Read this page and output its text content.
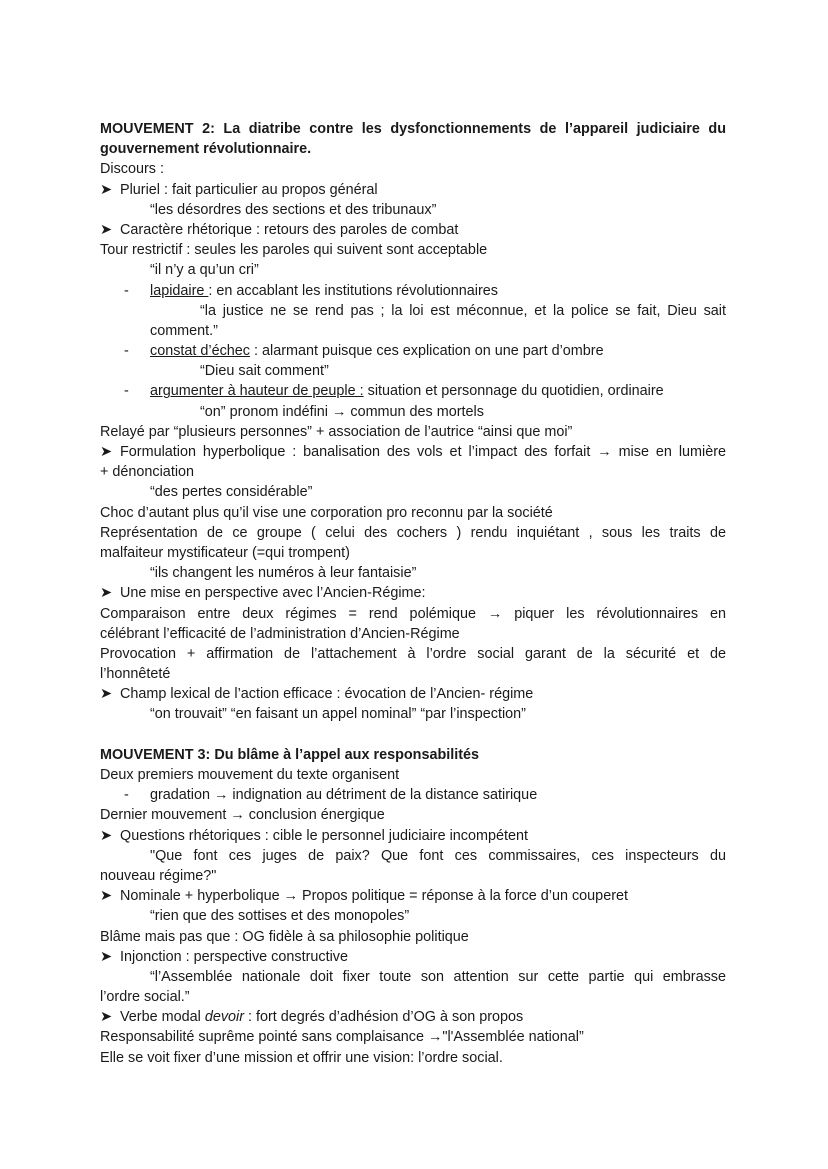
MOUVEMENT 2: La diatribe contre les dysfonctionnements de l’appareil judiciaire du
gouvernement révolutionnaire.
Discours :
➤ Pluriel : fait particulier au propos général
“les désordres des sections et des tribunaux”
➤ Caractère rhétorique : retours des paroles de combat
Tour restrictif : seules les paroles qui suivent sont acceptable
“il n’y a qu’un cri”
- lapidaire : en accablant les institutions révolutionnaires
“la justice ne se rend pas ; la loi est méconnue, et la police se fait, Dieu sait
comment.”
- constat d’échec : alarmant puisque ces explication on une part d’ombre
“Dieu sait comment”
- argumenter à hauteur de peuple : situation et personnage du quotidien, ordinaire
“on” pronom indéfini → commun des mortels
Relayé par “plusieurs personnes” + association de l’autrice “ainsi que moi”
➤ Formulation hyperbolique : banalisation des vols et l’impact des forfait → mise en lumière
+ dénonciation
“des pertes considérable”
Choc d’autant plus qu’il vise une corporation pro reconnu par la société
Représentation de ce groupe ( celui des cochers ) rendu inquiétant , sous les traits de
malfaiteur mystificateur (=qui trompent)
“ils changent les numéros à leur fantaisie”
➤ Une mise en perspective avec l’Ancien-Régime:
Comparaison entre deux régimes = rend polémique → piquer les révolutionnaires en
célébrant l’efficacité de l’administration d’Ancien-Régime
Provocation + affirmation de l’attachement à l’ordre social garant de la sécurité et de
l’honnêteté
➤ Champ lexical de l’action efficace : évocation de l’Ancien- régime
“on trouvait” “en faisant un appel nominal” “par l’inspection”
MOUVEMENT 3: Du blâme à l’appel aux responsabilités
Deux premiers mouvement du texte organisent
- gradation → indignation au détriment de la distance satirique
Dernier mouvement → conclusion énergique
➤ Questions rhétoriques : cible le personnel judiciaire incompétent
"Que font ces juges de paix? Que font ces commissaires, ces inspecteurs du
nouveau régime?"
➤ Nominale + hyperbolique → Propos politique = réponse à la force d’un couperet
“rien que des sottises et des monopoles”
Blâme mais pas que : OG fidèle à sa philosophie politique
➤ Injonction : perspective constructive
“l’Assemblée nationale doit fixer toute son attention sur cette partie qui embrasse
l’ordre social.”
➤ Verbe modal devoir : fort degrés d’adhésion d’OG à son propos
Responsabilité suprême pointé sans complaisance →"l'Assemblée national”
Elle se voit fixer d’une mission et offrir une vision: l’ordre social.
